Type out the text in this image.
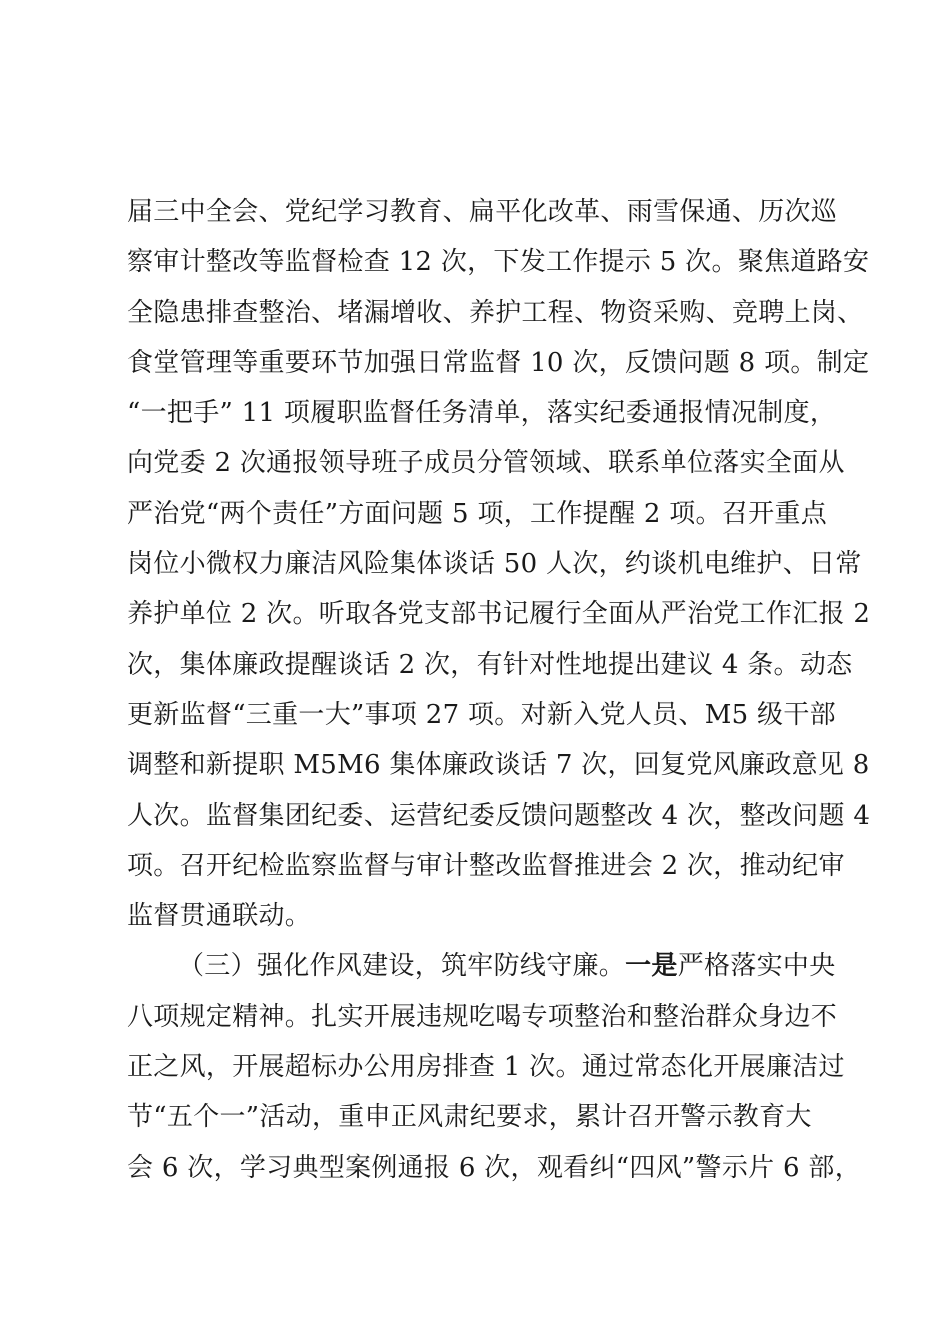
届三中全会、党纪学习教育、扁平化改革、雨雪保通、历次巡
察审计整改等监督检查 12 次，下发工作提示 5 次。聚焦道路安
全隐患排查整治、堵漏增收、养护工程、物资采购、竞聘上岗、
食堂管理等重要环节加强日常监督 10 次，反馈问题 8 项。制定
“一把手” 11 项履职监督任务清单，落实纪委通报情况制度，
向党委 2 次通报领导班子成员分管领域、联系单位落实全面从
严治党“两个责任”方面问题 5 项，工作提醒 2 项。召开重点
岗位小微权力廉洁风险集体谈话 50 人次，约谈机电维护、日常
养护单位 2 次。听取各党支部书记履行全面从严治党工作汇报 2
次，集体廉政提醒谈话 2 次，有针对性地提出建议 4 条。动态
更新监督“三重一大”事项 27 项。对新入党人员、M5 级干部
调整和新提职 M5M6 集体廉政谈话 7 次，回复党风廉政意见 8
人次。监督集团纪委、运营纪委反馈问题整改 4 次，整改问题 4
项。召开纪检监察监督与审计整改监督推进会 2 次，推动纪审
监督贯通联动。
（三）强化作风建设，筑牢防线守廉。一是严格落实中央
八项规定精神。扎实开展违规吃喝专项整治和整治群众身边不
正之风，开展超标办公用房排查 1 次。通过常态化开展廉洁过
节“五个一”活动，重申正风肃纪要求，累计召开警示教育大
会 6 次，学习典型案例通报 6 次，观看纠“四风”警示片 6 部，
